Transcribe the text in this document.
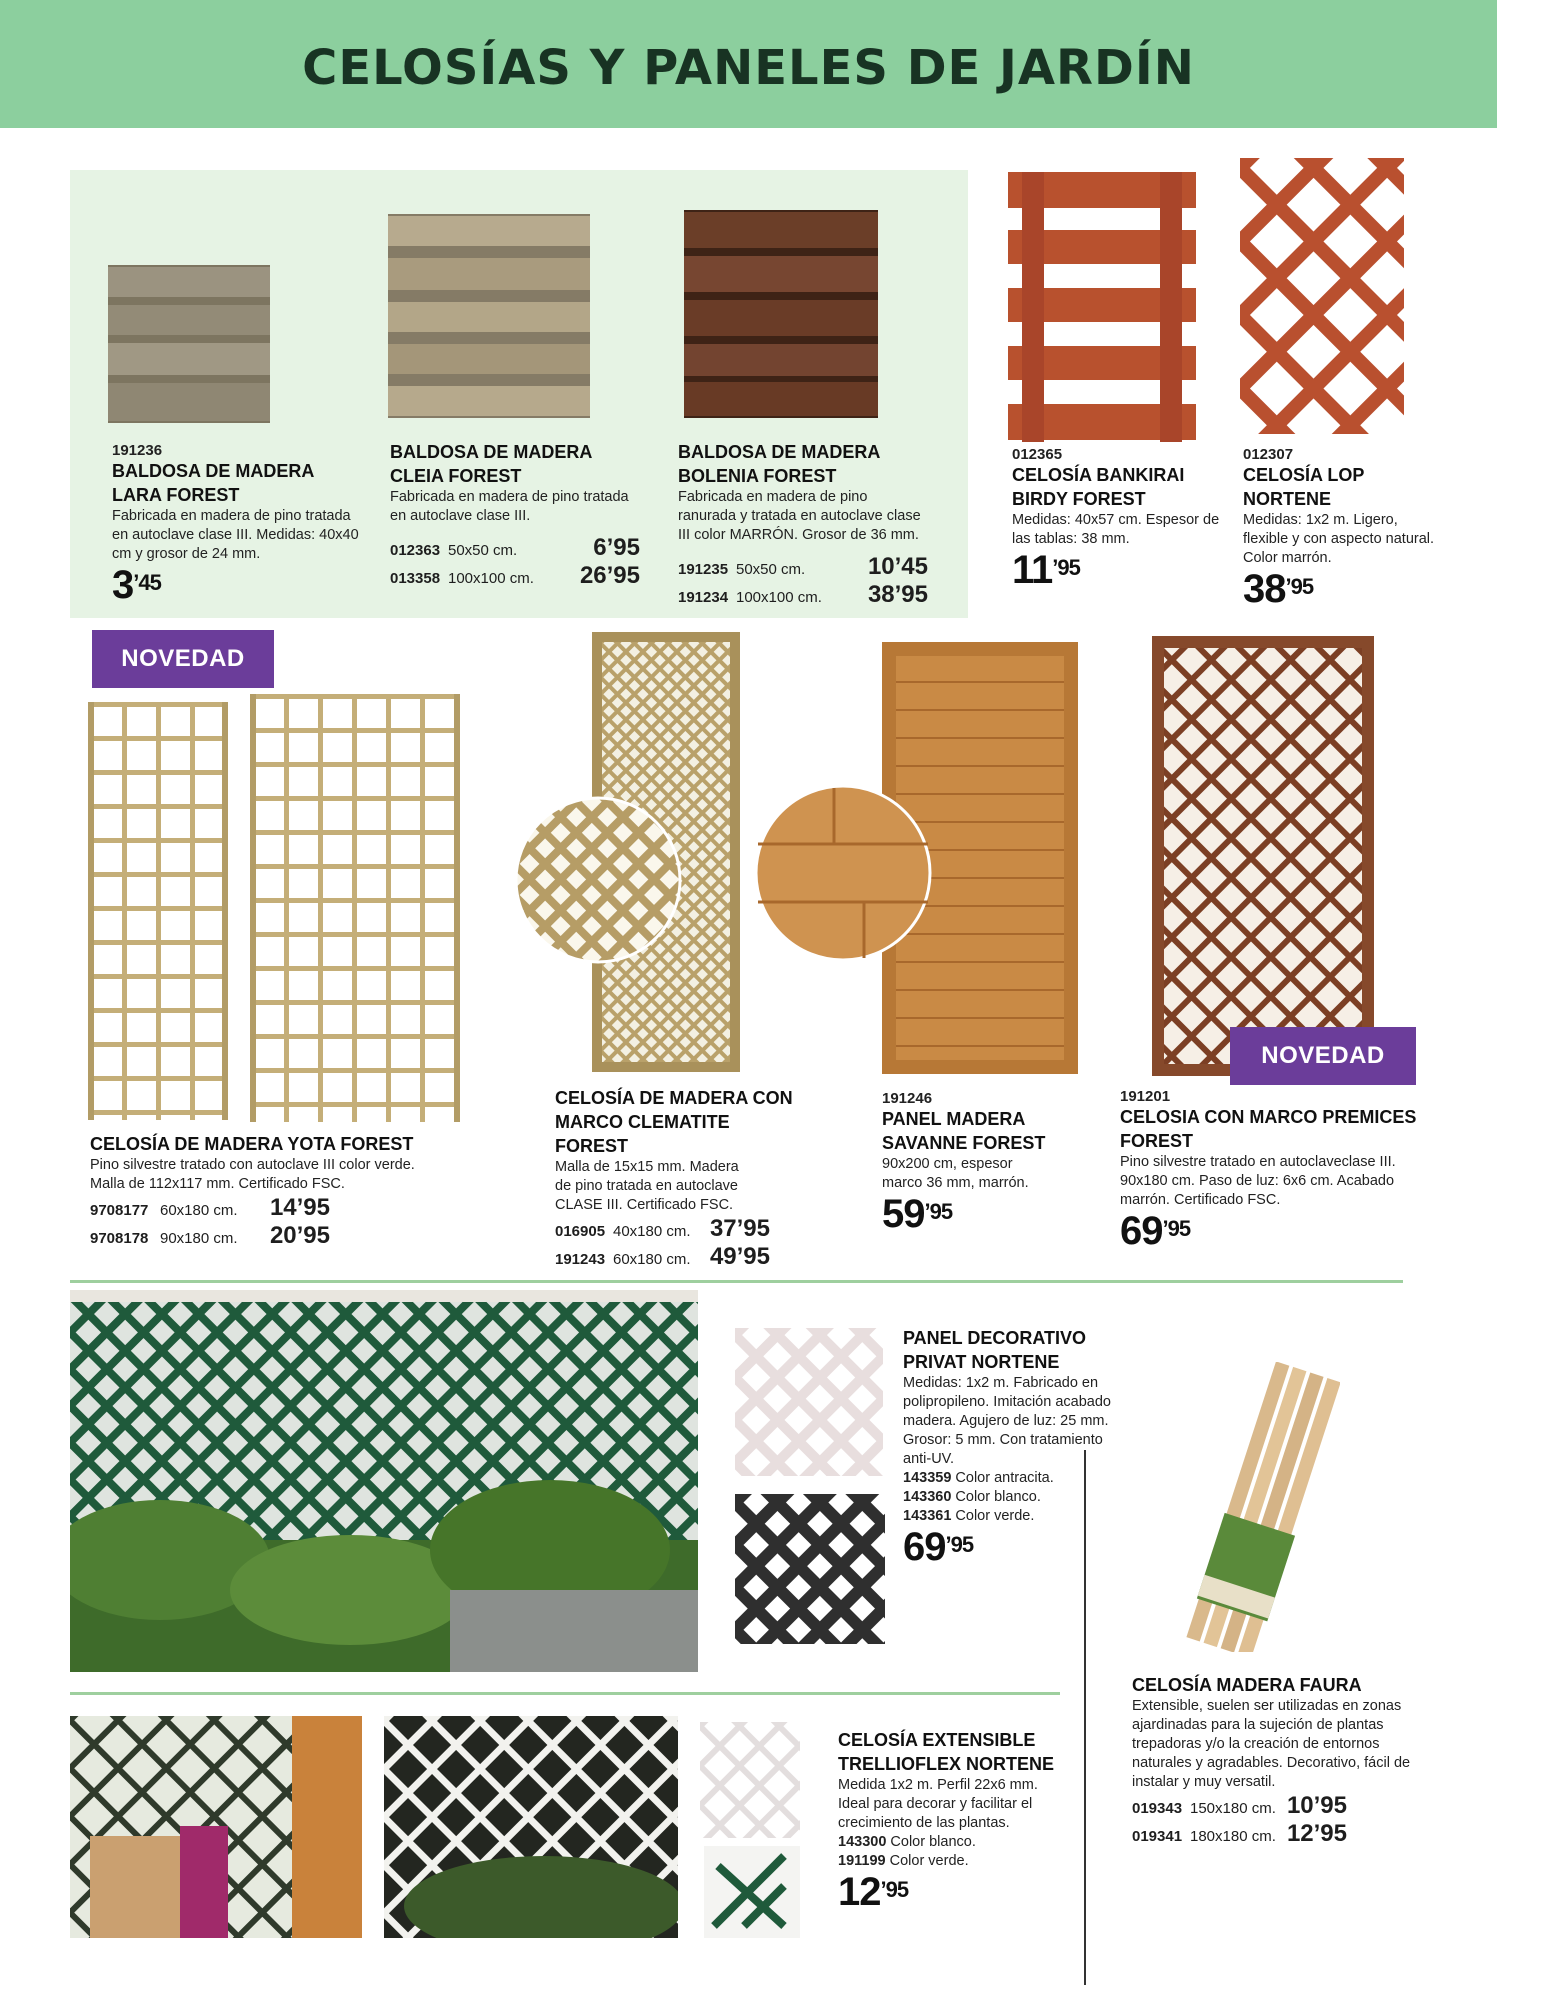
CELOSÍAS Y PANELES DE JARDÍN
191236
BALDOSA DE MADERA LARA FOREST
Fabricada en madera de pino tratada en autoclave clase III. Medidas: 40x40 cm y grosor de 24 mm.
$3^{’45}$
BALDOSA DE MADERA CLEIA FOREST
Fabricada en madera de pino tratada en autoclave clase III.
012363 50x50 cm.	6’95
013358 100x100 cm.	26’95
BALDOSA DE MADERA BOLENIA FOREST
Fabricada en madera de pino ranurada y tratada en autoclave clase III color MARRÓN. Grosor de 36 mm.
191235 50x50 cm.	10’45
191234 100x100 cm.	38’95
012365
CELOSÍA BANKIRAI BIRDY FOREST
Medidas: 40x57 cm. Espesor de las tablas: 38 mm.
$11^{’95}$
012307
CELOSÍA LOP NORTENE
Medidas: 1x2 m. Ligero, flexible y con aspecto natural. Color marrón.
$38^{’95}$
NOVEDAD
NOVEDAD
CELOSÍA DE MADERA YOTA FOREST
Pino silvestre tratado con autoclave III color verde. Malla de 112x117 mm. Certificado FSC.
9708177 60x180 cm.	14’95
9708178 90x180 cm.	20’95
CELOSÍA DE MADERA CON MARCO CLEMATITE FOREST
Malla de 15x15 mm. Madera de pino tratada en autoclave CLASE III. Certificado FSC.
016905 40x180 cm. 37’95
191243 60x180 cm. 49’95
191246
PANEL MADERA SAVANNE FOREST
90x200 cm, espesor marco 36 mm, marrón.
$59^{’95}$
191201
CELOSIA CON MARCO PREMICES FOREST
Pino silvestre tratado en autoclaveclase III. 90x180 cm. Paso de luz: 6x6 cm. Acabado marrón. Certificado FSC.
$69^{’95}$
PANEL DECORATIVO PRIVAT NORTENE
Medidas: 1x2 m. Fabricado en polipropileno. Imitación acabado madera. Agujero de luz: 25 mm. Grosor: 5 mm. Con tratamiento anti-UV.
143359 Color antracita.
143360 Color blanco.
143361 Color verde.
$69^{’95}$
CELOSÍA MADERA FAURA
Extensible, suelen ser utilizadas en zonas ajardinadas para la sujeción de plantas trepadoras y/o la creación de entornos naturales y agradables. Decorativo, fácil de instalar y muy versatil.
019343 150x180 cm. 10’95
019341 180x180 cm. 12’95
CELOSÍA EXTENSIBLE TRELLIOFLEX NORTENE
Medida 1x2 m. Perfil 22x6 mm. Ideal para decorar y facilitar el crecimiento de las plantas.
143300 Color blanco.
191199 Color verde.
$12^{’95}$
